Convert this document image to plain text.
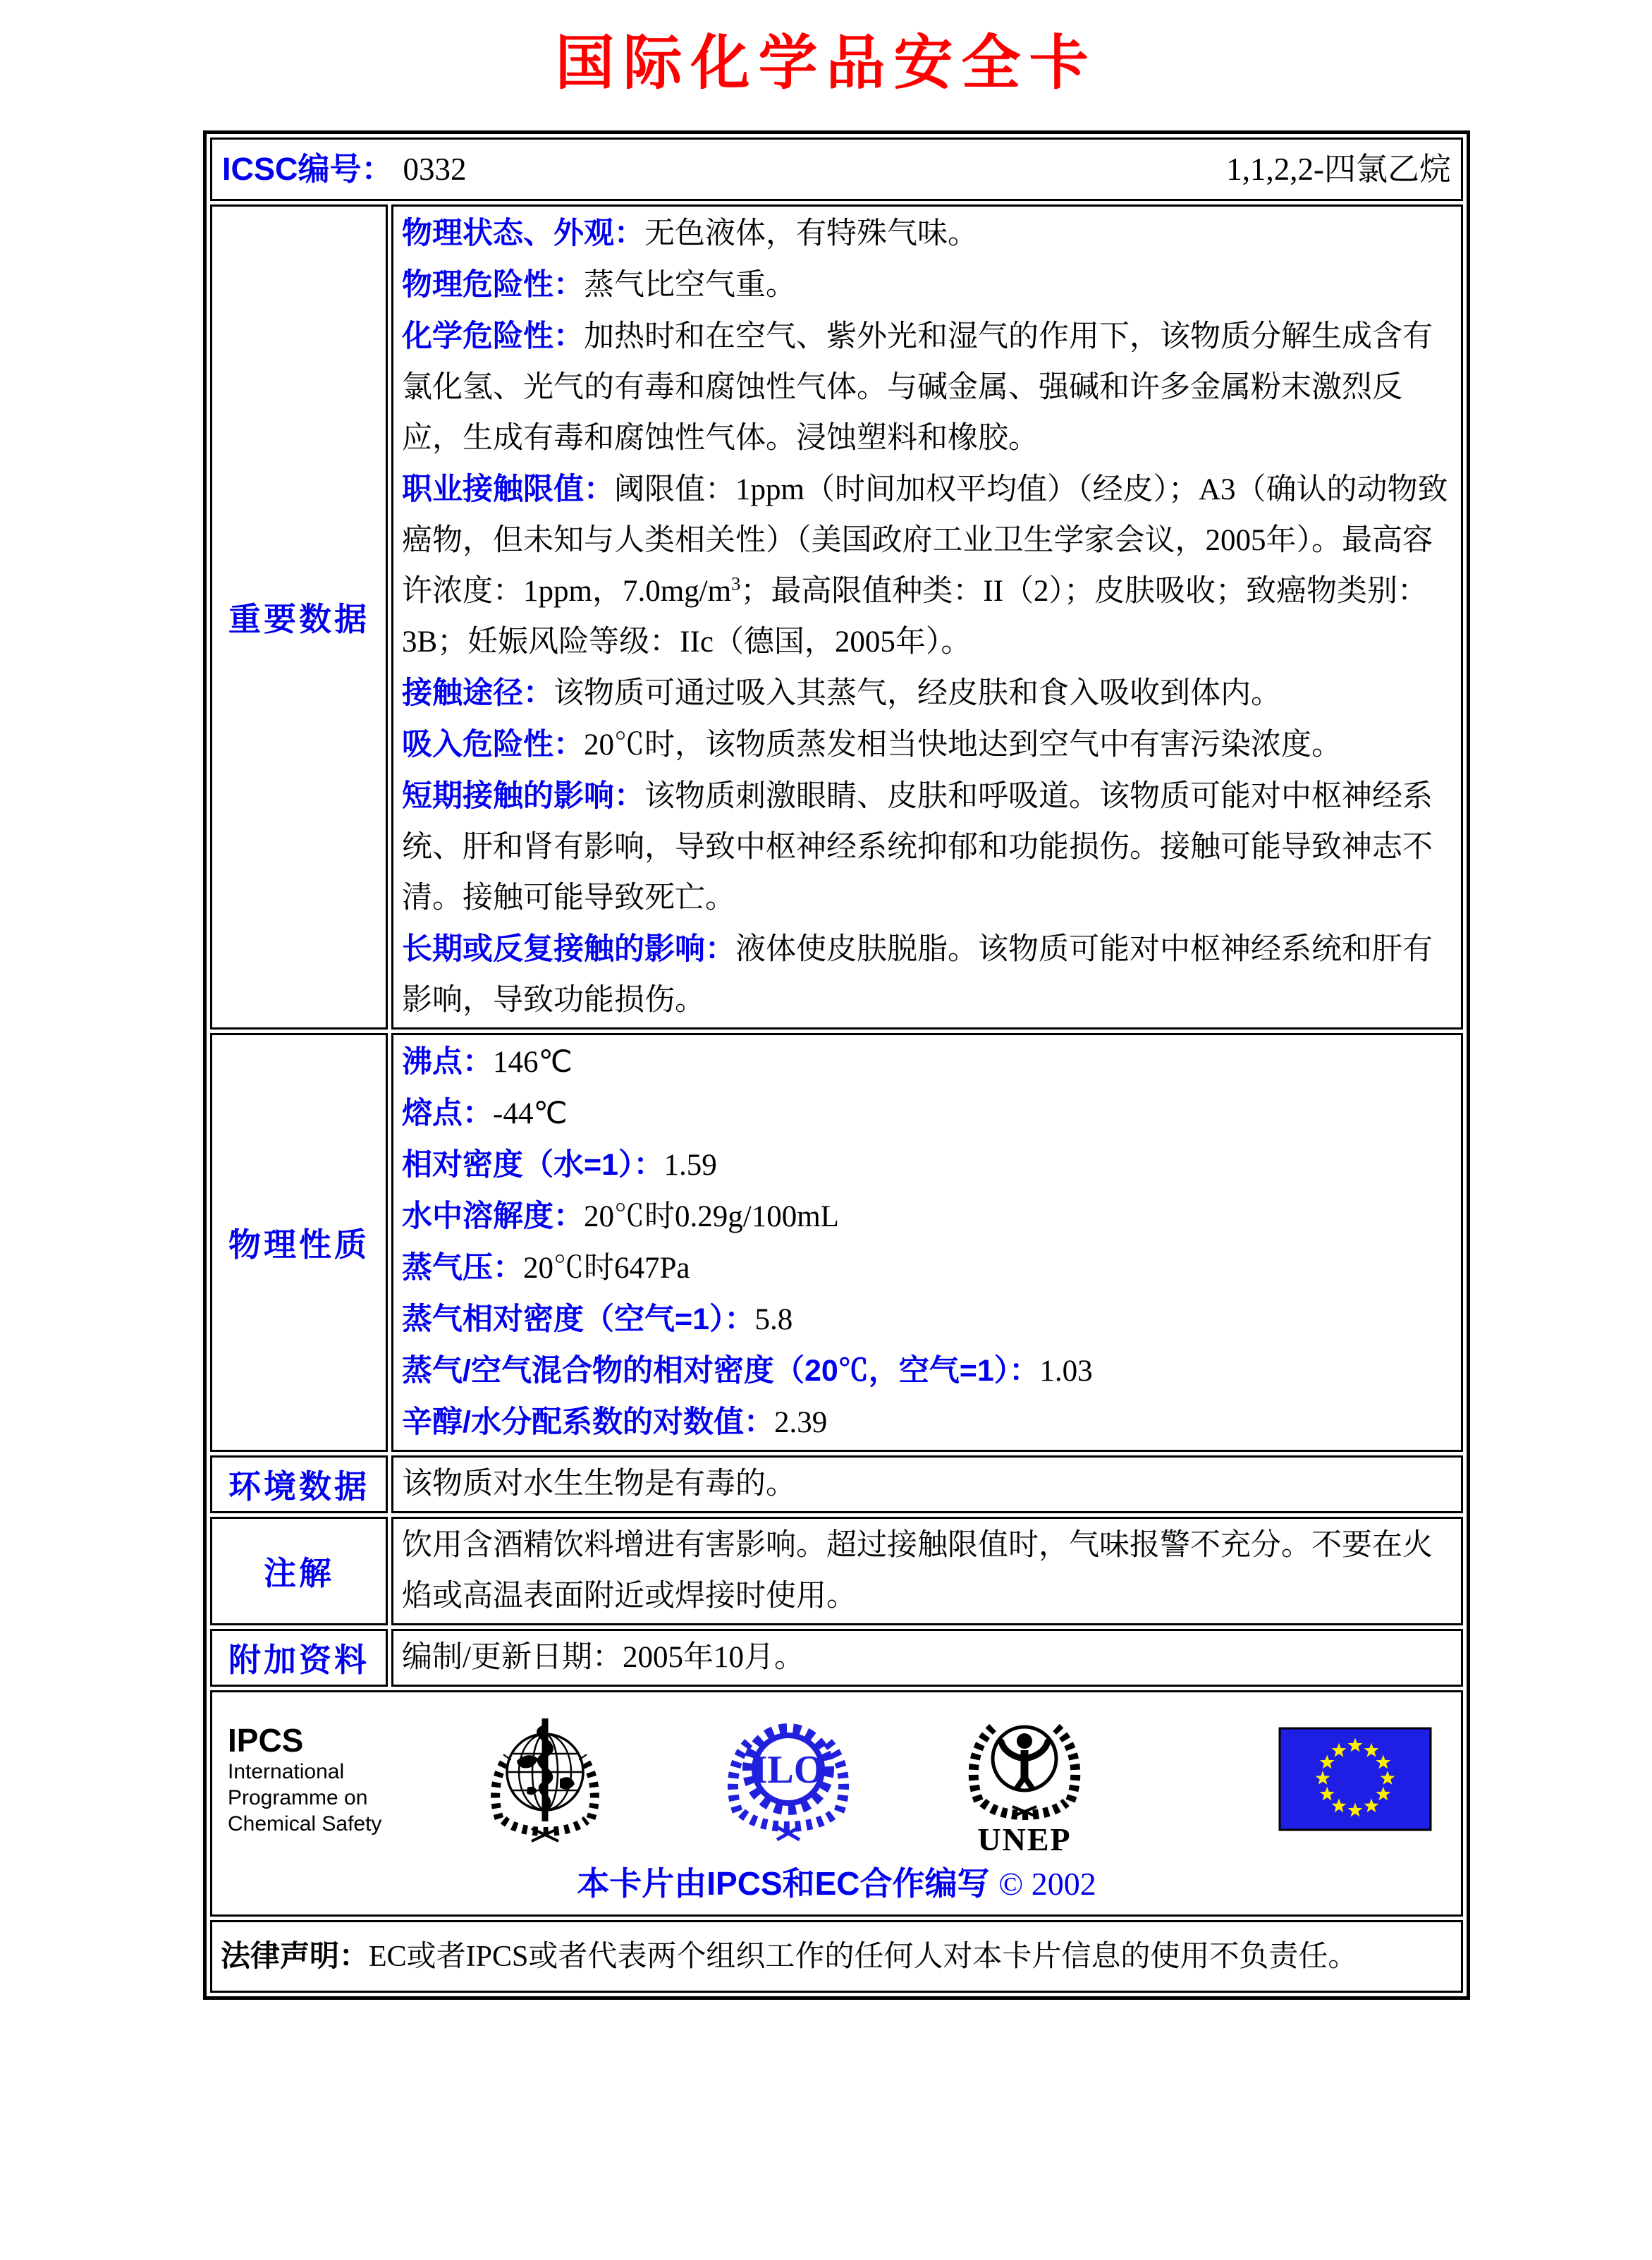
国际化学品安全卡
ICSC编号： 0332 1,1,2,2-四氯乙烷	

重要数据	
物理状态、外观：无色液体，有特殊气味。
物理危险性：蒸气比空气重。
化学危险性：加热时和在空气、紫外光和湿气的作用下，该物质分解生成含有氯化氢、光气的有毒和腐蚀性气体。与碱金属、强碱和许多金属粉末激烈反应，生成有毒和腐蚀性气体。浸蚀塑料和橡胶。
职业接触限值：阈限值：1ppm（时间加权平均值）（经皮）；A3（确认的动物致癌物，但未知与人类相关性）（美国政府工业卫生学家会议，2005年）。最高容许浓度：1ppm，$7.0mg/m^3$；最高限值种类：II（2）；皮肤吸收；致癌物类别：3B；妊娠风险等级：IIc（德国，2005年）。
接触途径：该物质可通过吸入其蒸气，经皮肤和食入吸收到体内。
吸入危险性：20℃时，该物质蒸发相当快地达到空气中有害污染浓度。
短期接触的影响：该物质刺激眼睛、皮肤和呼吸道。该物质可能对中枢神经系统、肝和肾有影响，导致中枢神经系统抑郁和功能损伤。接触可能导致神志不清。接触可能导致死亡。
长期或反复接触的影响：液体使皮肤脱脂。该物质可能对中枢神经系统和肝有影响，导致功能损伤。

物理性质	
沸点：146℃
熔点：-44℃
相对密度（水=1）：1.59
水中溶解度：20℃时0.29g/100mL
蒸气压：20℃时647Pa
蒸气相对密度（空气=1）：5.8
蒸气/空气混合物的相对密度（20℃，空气=1）：1.03
辛醇/水分配系数的对数值：2.39

环境数据	该物质对水生生物是有毒的。

注解	饮用含酒精饮料增进有害影响。超过接触限值时，气味报警不充分。不要在火焰或高温表面附近或焊接时使用。

附加资料	编制/更新日期：2005年10月。

IPCS
International
Programme on
Chemical Safety
ILO
UNEP
本卡片由IPCS和EC合作编写 © 2002

法律声明：EC或者IPCS或者代表两个组织工作的任何人对本卡片信息的使用不负责任。	
